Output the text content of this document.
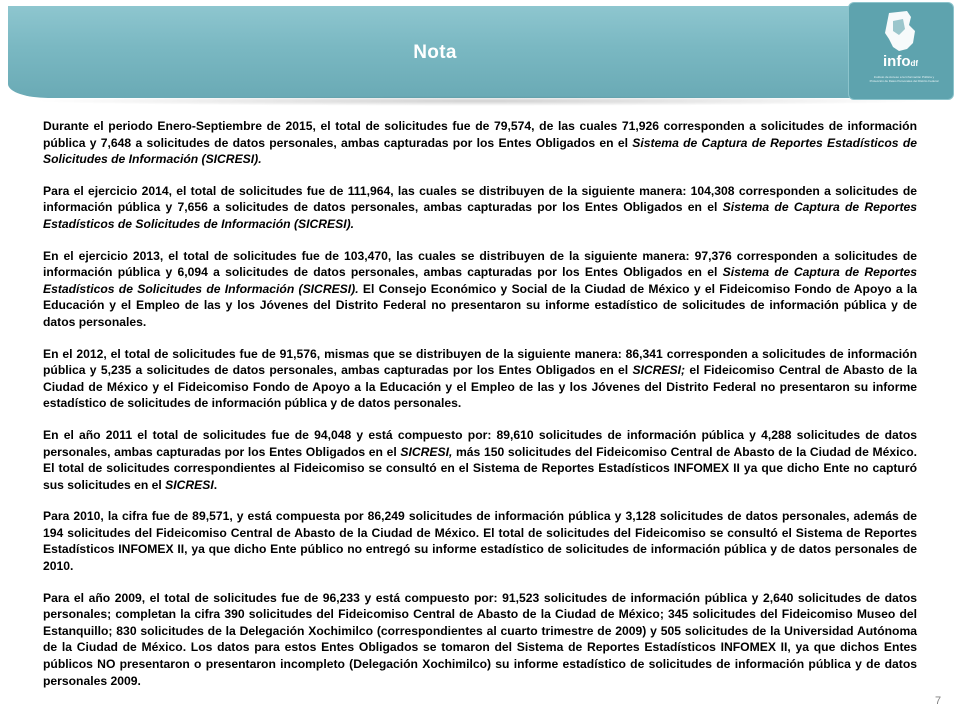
Nota	infodf
Instituto de Acceso a la Información Pública y Protección de Datos Personales del Distrito Federal

Durante el periodo Enero-Septiembre de 2015, el total de solicitudes fue de 79,574, de las cuales 71,926 corresponden a solicitudes de información pública y 7,648 a solicitudes de datos personales, ambas capturadas por los Entes Obligados en el Sistema de Captura de Reportes Estadísticos de Solicitudes de Información (SICRESI).

Para el ejercicio 2014, el total de solicitudes fue de 111,964, las cuales se distribuyen de la siguiente manera: 104,308 corresponden a solicitudes de información pública y 7,656 a solicitudes de datos personales, ambas capturadas por los Entes Obligados en el Sistema de Captura de Reportes Estadísticos de Solicitudes de Información (SICRESI).

En el ejercicio 2013, el total de solicitudes fue de 103,470, las cuales se distribuyen de la siguiente manera: 97,376 corresponden a solicitudes de información pública y 6,094 a solicitudes de datos personales, ambas capturadas por los Entes Obligados en el Sistema de Captura de Reportes Estadísticos de Solicitudes de Información (SICRESI). El Consejo Económico y Social de la Ciudad de México y el Fideicomiso Fondo de Apoyo a la Educación y el Empleo de las y los Jóvenes del Distrito Federal no presentaron su informe estadístico de solicitudes de información pública y de datos personales.

En el 2012, el total de solicitudes fue de 91,576, mismas que se distribuyen de la siguiente manera: 86,341 corresponden a solicitudes de información pública y 5,235 a solicitudes de datos personales, ambas capturadas por los Entes Obligados en el SICRESI; el Fideicomiso Central de Abasto de la Ciudad de México y el Fideicomiso Fondo de Apoyo a la Educación y el Empleo de las y los Jóvenes del Distrito Federal no presentaron su informe estadístico de solicitudes de información pública y de datos personales.

En el año 2011 el total de solicitudes fue de 94,048 y está compuesto por: 89,610 solicitudes de información pública y 4,288 solicitudes de datos personales, ambas capturadas por los Entes Obligados en el SICRESI, más 150 solicitudes del Fideicomiso Central de Abasto de la Ciudad de México. El total de solicitudes correspondientes al Fideicomiso se consultó en el Sistema de Reportes Estadísticos INFOMEX II ya que dicho Ente no capturó sus solicitudes en el SICRESI.

Para 2010, la cifra fue de 89,571, y está compuesta por 86,249 solicitudes de información pública y 3,128 solicitudes de datos personales, además de 194 solicitudes del Fideicomiso Central de Abasto de la Ciudad de México. El total de solicitudes del Fideicomiso se consultó el Sistema de Reportes Estadísticos INFOMEX II, ya que dicho Ente público no entregó su informe estadístico de solicitudes de información pública y de datos personales de 2010.

Para el año 2009, el total de solicitudes fue de 96,233 y está compuesto por: 91,523 solicitudes de información pública y 2,640 solicitudes de datos personales; completan la cifra 390 solicitudes del Fideicomiso Central de Abasto de la Ciudad de México; 345 solicitudes del Fideicomiso Museo del Estanquillo; 830 solicitudes de la Delegación Xochimilco (correspondientes al cuarto trimestre de 2009) y 505 solicitudes de la Universidad Autónoma de la Ciudad de México. Los datos para estos Entes Obligados se tomaron del Sistema de Reportes Estadísticos INFOMEX II, ya que dichos Entes públicos NO presentaron o presentaron incompleto (Delegación Xochimilco) su informe estadístico de solicitudes de información pública y de datos personales 2009.

7
